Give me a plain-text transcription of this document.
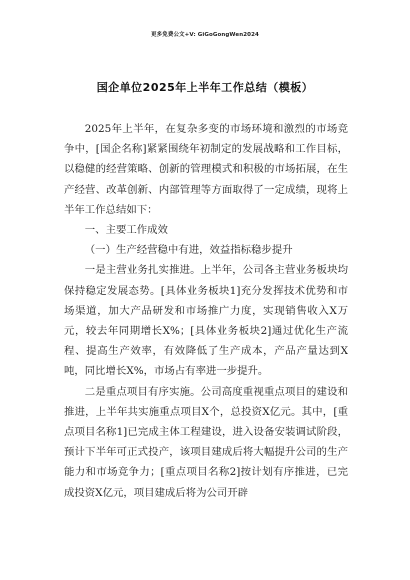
更多免费公文+V: GiGoGongWen2024
国企单位2025年上半年工作总结（模板）

2025年上半年，在复杂多变的市场环境和激烈的市场竞争中，[国企名称]紧紧围绕年初制定的发展战略和工作目标，以稳健的经营策略、创新的管理模式和积极的市场拓展，在生产经营、改革创新、内部管理等方面取得了一定成绩，现将上半年工作总结如下：

一、主要工作成效

（一）生产经营稳中有进，效益指标稳步提升

一是主营业务扎实推进。上半年，公司各主营业务板块均保持稳定发展态势。[具体业务板块1]充分发挥技术优势和市场渠道，加大产品研发和市场推广力度，实现销售收入X万元，较去年同期增长X%；[具体业务板块2]通过优化生产流程、提高生产效率，有效降低了生产成本，产品产量达到X吨，同比增长X%，市场占有率进一步提升。

二是重点项目有序实施。公司高度重视重点项目的建设和推进，上半年共实施重点项目X个，总投资X亿元。其中，[重点项目名称1]已完成主体工程建设，进入设备安装调试阶段，预计下半年可正式投产，该项目建成后将大幅提升公司的生产能力和市场竞争力；[重点项目名称2]按计划有序推进，已完成投资X亿元，项目建成后将为公司开辟
